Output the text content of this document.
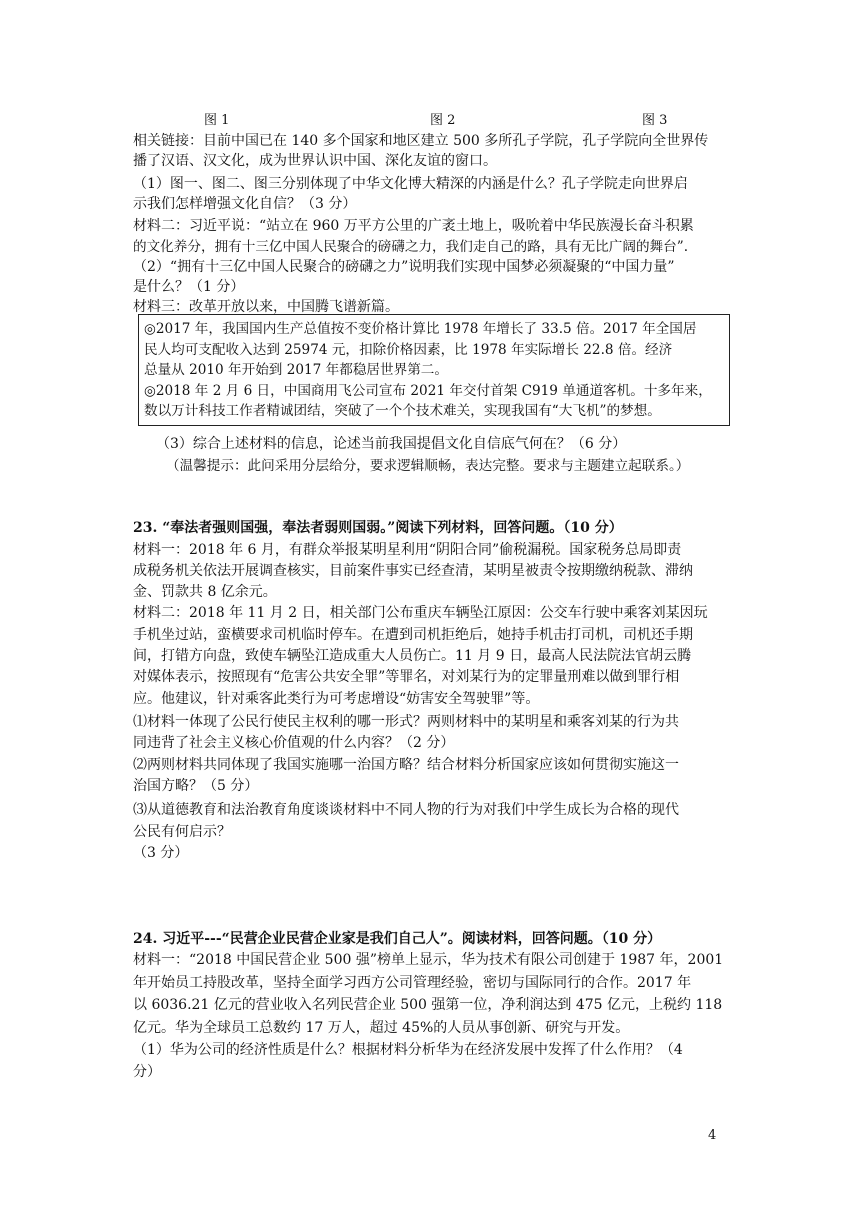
图 1	图 2	图 3
相关链接：目前中国已在 140 多个国家和地区建立 500 多所孔子学院，孔子学院向全世界传
播了汉语、汉文化，成为世界认识中国、深化友谊的窗口。
（1）图一、图二、图三分别体现了中华文化博大精深的内涵是什么？孔子学院走向世界启
示我们怎样增强文化自信？（3 分）
材料二：习近平说：“站立在 960 万平方公里的广袤土地上，吸吮着中华民族漫长奋斗积累
的文化养分，拥有十三亿中国人民聚合的磅礴之力，我们走自己的路，具有无比广阔的舞台”.
（2）“拥有十三亿中国人民聚合的磅礴之力”说明我们实现中国梦必须凝聚的“中国力量”
是什么？（1 分）
材料三：改革开放以来，中国腾飞谱新篇。
◎2017 年，我国国内生产总值按不变价格计算比 1978 年增长了 33.5 倍。2017 年全国居
民人均可支配收入达到 25974 元，扣除价格因素，比 1978 年实际增长 22.8 倍。经济
总量从 2010 年开始到 2017 年都稳居世界第二。
◎2018 年 2 月 6 日，中国商用飞公司宣布 2021 年交付首架 C919 单通道客机。十多年来，
数以万计科技工作者精诚团结，突破了一个个技术难关，实现我国有“大飞机”的梦想。
（3）综合上述材料的信息，论述当前我国提倡文化自信底气何在？（6 分）
（温馨提示：此问采用分层给分，要求逻辑顺畅，表达完整。要求与主题建立起联系。）
23. “奉法者强则国强，奉法者弱则国弱。”阅读下列材料，回答问题。（10 分）
材料一：2018 年 6 月，有群众举报某明星利用“阴阳合同”偷税漏税。国家税务总局即责
成税务机关依法开展调查核实，目前案件事实已经查清，某明星被责令按期缴纳税款、滞纳
金、罚款共 8 亿余元。
材料二：2018 年 11 月 2 日，相关部门公布重庆车辆坠江原因：公交车行驶中乘客刘某因玩
手机坐过站，蛮横要求司机临时停车。在遭到司机拒绝后，她持手机击打司机，司机还手期
间，打错方向盘，致使车辆坠江造成重大人员伤亡。11 月 9 日，最高人民法院法官胡云腾
对媒体表示，按照现有“危害公共安全罪”等罪名，对刘某行为的定罪量刑难以做到罪行相
应。他建议，针对乘客此类行为可考虑增设“妨害安全驾驶罪”等。
⑴材料一体现了公民行使民主权利的哪一形式？两则材料中的某明星和乘客刘某的行为共
同违背了社会主义核心价值观的什么内容？（2 分）
⑵两则材料共同体现了我国实施哪一治国方略？结合材料分析国家应该如何贯彻实施这一
治国方略？（5 分）
⑶从道德教育和法治教育角度谈谈材料中不同人物的行为对我们中学生成长为合格的现代
公民有何启示？
（3 分）
24. 习近平---“民营企业民营企业家是我们自己人”。阅读材料，回答问题。（10 分）
材料一：“2018 中国民营企业 500 强”榜单上显示，华为技术有限公司创建于 1987 年，2001
年开始员工持股改革，坚持全面学习西方公司管理经验，密切与国际同行的合作。2017 年
以 6036.21 亿元的营业收入名列民营企业 500 强第一位，净利润达到 475 亿元，上税约 118
亿元。华为全球员工总数约 17 万人，超过 45%的人员从事创新、研究与开发。
（1）华为公司的经济性质是什么？根据材料分析华为在经济发展中发挥了什么作用？（4
分）
4
